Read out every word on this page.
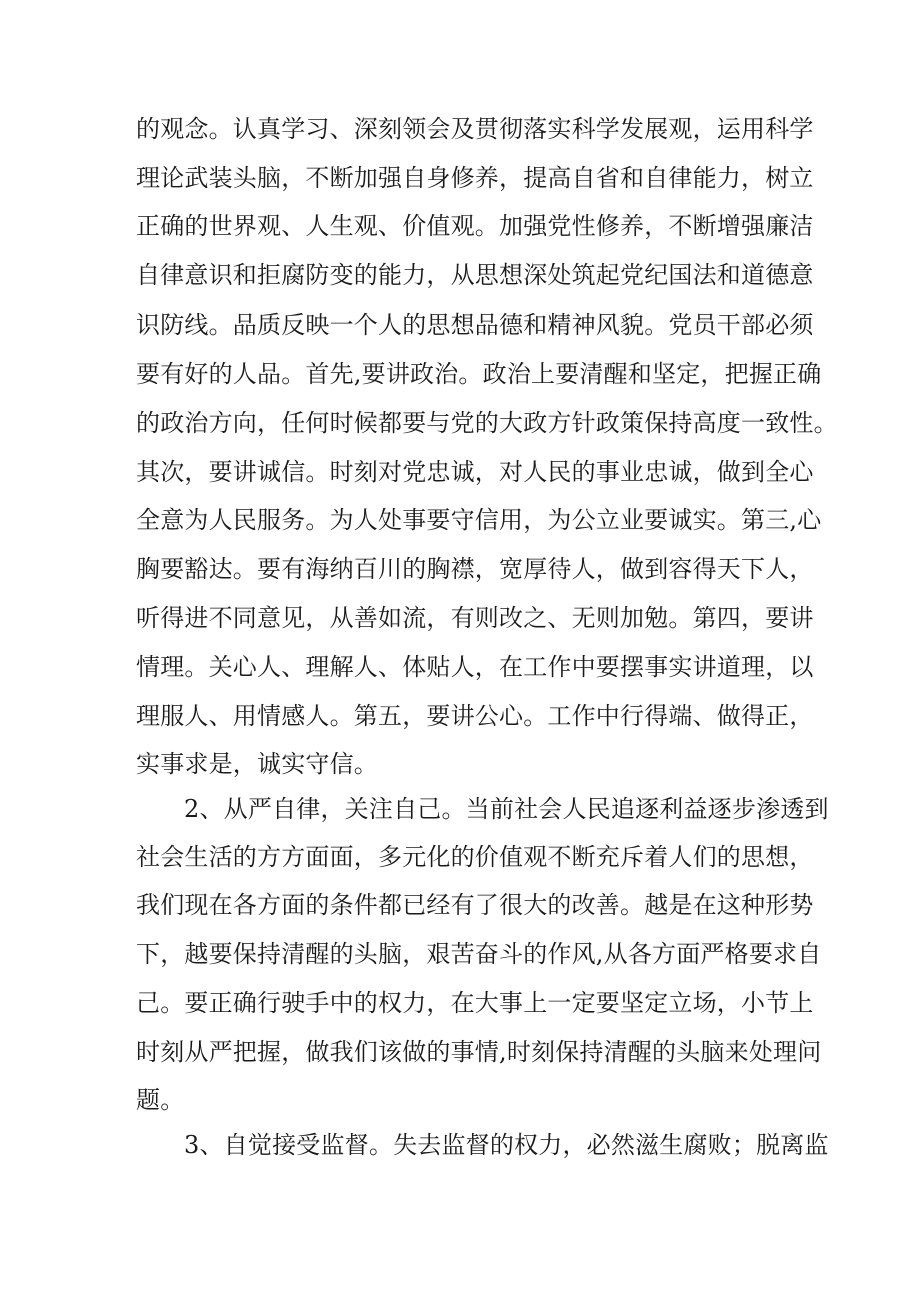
的观念。认真学习、深刻领会及贯彻落实科学发展观，运用科学
理论武装头脑，不断加强自身修养，提高自省和自律能力，树立
正确的世界观、人生观、价值观。加强党性修养，不断增强廉洁
自律意识和拒腐防变的能力，从思想深处筑起党纪国法和道德意
识防线。品质反映一个人的思想品德和精神风貌。党员干部必须
要有好的人品。首先,要讲政治。政治上要清醒和坚定，把握正确
的政治方向，任何时候都要与党的大政方针政策保持高度一致性。
其次，要讲诚信。时刻对党忠诚，对人民的事业忠诚，做到全心
全意为人民服务。为人处事要守信用，为公立业要诚实。第三,心
胸要豁达。要有海纳百川的胸襟，宽厚待人，做到容得天下人，
听得进不同意见，从善如流，有则改之、无则加勉。第四，要讲
情理。关心人、理解人、体贴人，在工作中要摆事实讲道理，以
理服人、用情感人。第五，要讲公心。工作中行得端、做得正，
实事求是，诚实守信。
2、从严自律，关注自己。当前社会人民追逐利益逐步渗透到
社会生活的方方面面，多元化的价值观不断充斥着人们的思想，
我们现在各方面的条件都已经有了很大的改善。越是在这种形势
下，越要保持清醒的头脑，艰苦奋斗的作风,从各方面严格要求自
己。要正确行驶手中的权力，在大事上一定要坚定立场，小节上
时刻从严把握，做我们该做的事情,时刻保持清醒的头脑来处理问
题。
3、自觉接受监督。失去监督的权力，必然滋生腐败；脱离监
